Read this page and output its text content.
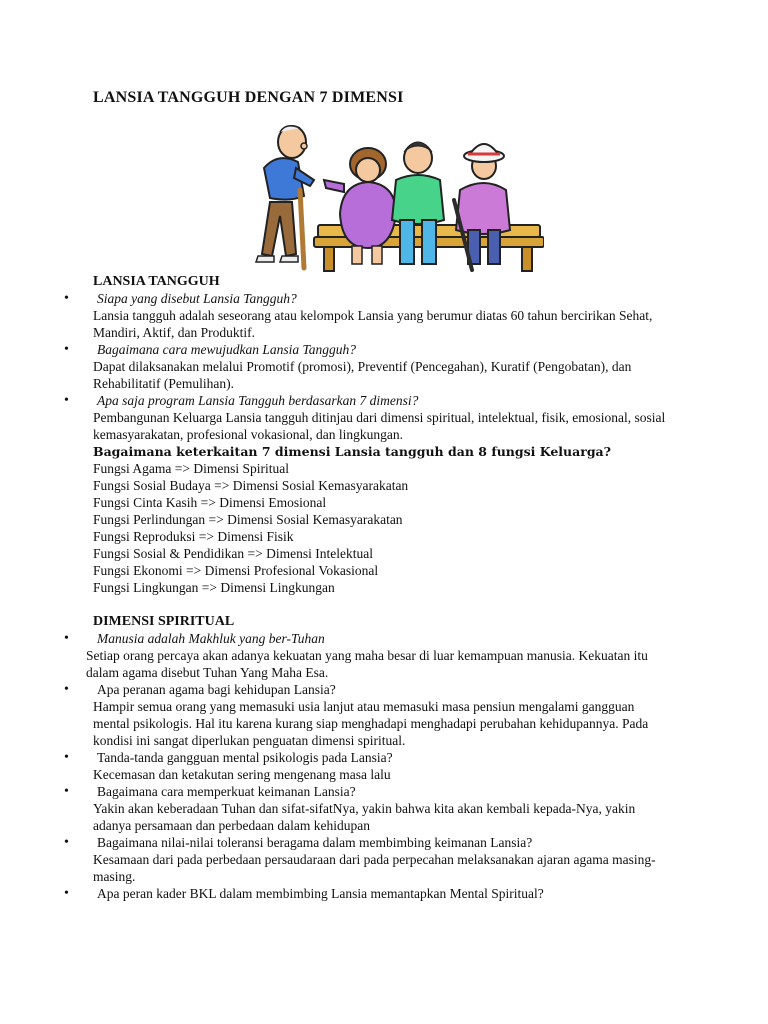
LANSIA TANGGUH DENGAN 7 DIMENSI
LANSIA TANGGUH
• Siapa yang disebut Lansia Tangguh?

Lansia tangguh adalah seseorang atau kelompok Lansia yang berumur diatas 60 tahun bercirikan Sehat, Mandiri, Aktif, dan Produktif.

• Bagaimana cara mewujudkan Lansia Tangguh?

Dapat dilaksanakan melalui Promotif (promosi), Preventif (Pencegahan), Kuratif (Pengobatan), dan Rehabilitatif (Pemulihan).

• Apa saja program Lansia Tangguh berdasarkan 7 dimensi?

Pembangunan Keluarga Lansia tangguh ditinjau dari dimensi spiritual, intelektual, fisik, emosional, sosial kemasyarakatan, profesional vokasional, dan lingkungan.

Bagaimana keterkaitan 7 dimensi Lansia tangguh dan 8 fungsi Keluarga?

Fungsi Agama => Dimensi Spiritual
Fungsi Sosial Budaya => Dimensi Sosial Kemasyarakatan
Fungsi Cinta Kasih => Dimensi Emosional
Fungsi Perlindungan => Dimensi Sosial Kemasyarakatan
Fungsi Reproduksi => Dimensi Fisik
Fungsi Sosial & Pendidikan => Dimensi Intelektual
Fungsi Ekonomi => Dimensi Profesional Vokasional
Fungsi Lingkungan => Dimensi Lingkungan
DIMENSI SPIRITUAL
• Manusia adalah Makhluk yang ber-Tuhan

Setiap orang percaya akan adanya kekuatan yang maha besar di luar kemampuan manusia. Kekuatan itu dalam agama disebut Tuhan Yang Maha Esa.

• Apa peranan agama bagi kehidupan Lansia?

Hampir semua orang yang memasuki usia lanjut atau memasuki masa pensiun mengalami gangguan mental psikologis. Hal itu karena kurang siap menghadapi menghadapi perubahan kehidupannya. Pada kondisi ini sangat diperlukan penguatan dimensi spiritual.

• Tanda-tanda gangguan mental psikologis pada Lansia?

Kecemasan dan ketakutan sering mengenang masa lalu

• Bagaimana cara memperkuat keimanan Lansia?

Yakin akan keberadaan Tuhan dan sifat-sifatNya, yakin bahwa kita akan kembali kepada-Nya, yakin adanya persamaan dan perbedaan dalam kehidupan

• Bagaimana nilai-nilai toleransi beragama dalam membimbing keimanan Lansia?

Kesamaan dari pada perbedaan persaudaraan dari pada perpecahan melaksanakan ajaran agama masing-masing.

• Apa peran kader BKL dalam membimbing Lansia memantapkan Mental Spiritual?
